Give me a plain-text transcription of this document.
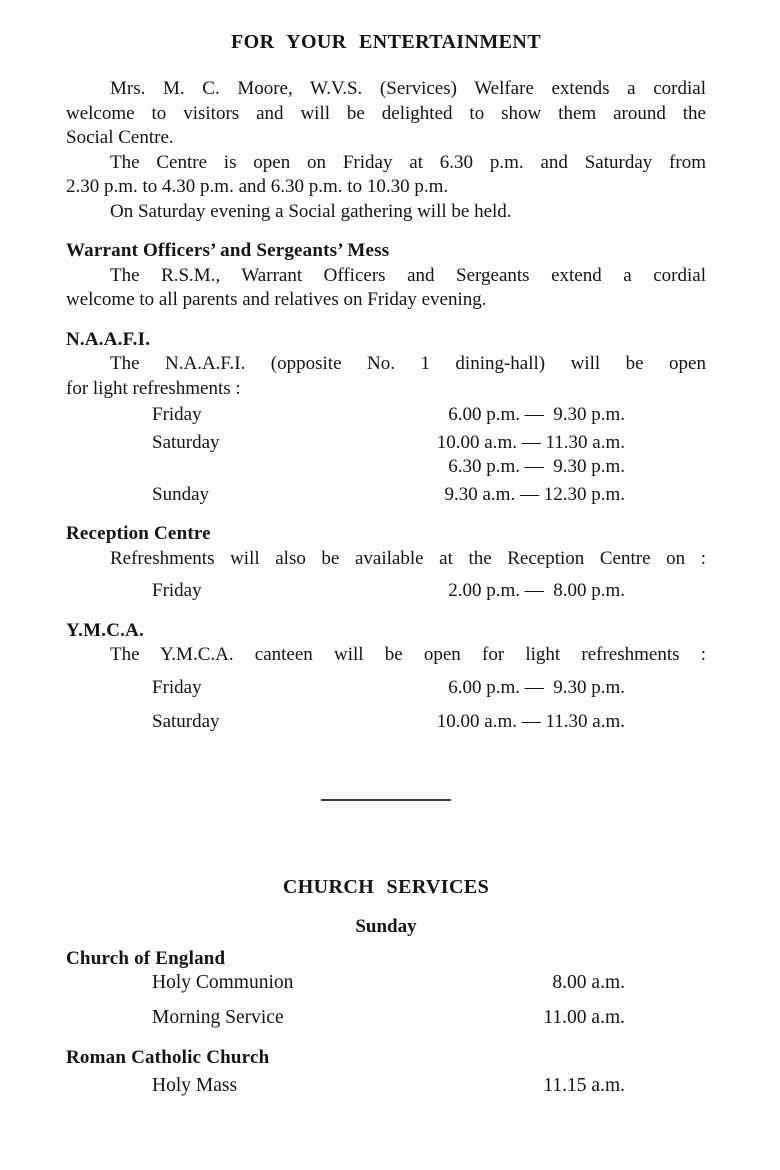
FOR YOUR ENTERTAINMENT
Mrs. M. C. Moore, W.V.S. (Services) Welfare extends a cordial
welcome to visitors and will be delighted to show them around the
Social Centre.
The Centre is open on Friday at 6.30 p.m. and Saturday from
2.30 p.m. to 4.30 p.m. and 6.30 p.m. to 10.30 p.m.
On Saturday evening a Social gathering will be held.
Warrant Officers’ and Sergeants’ Mess
The R.S.M., Warrant Officers and Sergeants extend a cordial
welcome to all parents and relatives on Friday evening.
N.A.A.F.I.
The N.A.A.F.I. (opposite No. 1 dining-hall) will be open
for light refreshments :
Friday	6.00 p.m. —  9.30 p.m.
Saturday	10.00 a.m. — 11.30 a.m.
6.30 p.m. —  9.30 p.m.
Sunday	9.30 a.m. — 12.30 p.m.
Reception Centre
Refreshments will also be available at the Reception Centre on :
Friday	2.00 p.m. —  8.00 p.m.
Y.M.C.A.
The Y.M.C.A. canteen will be open for light refreshments :
Friday	6.00 p.m. —  9.30 p.m.
Saturday	10.00 a.m. — 11.30 a.m.
CHURCH SERVICES
Sunday
Church of England
Holy Communion	8.00 a.m.
Morning Service	11.00 a.m.
Roman Catholic Church
Holy Mass	11.15 a.m.
